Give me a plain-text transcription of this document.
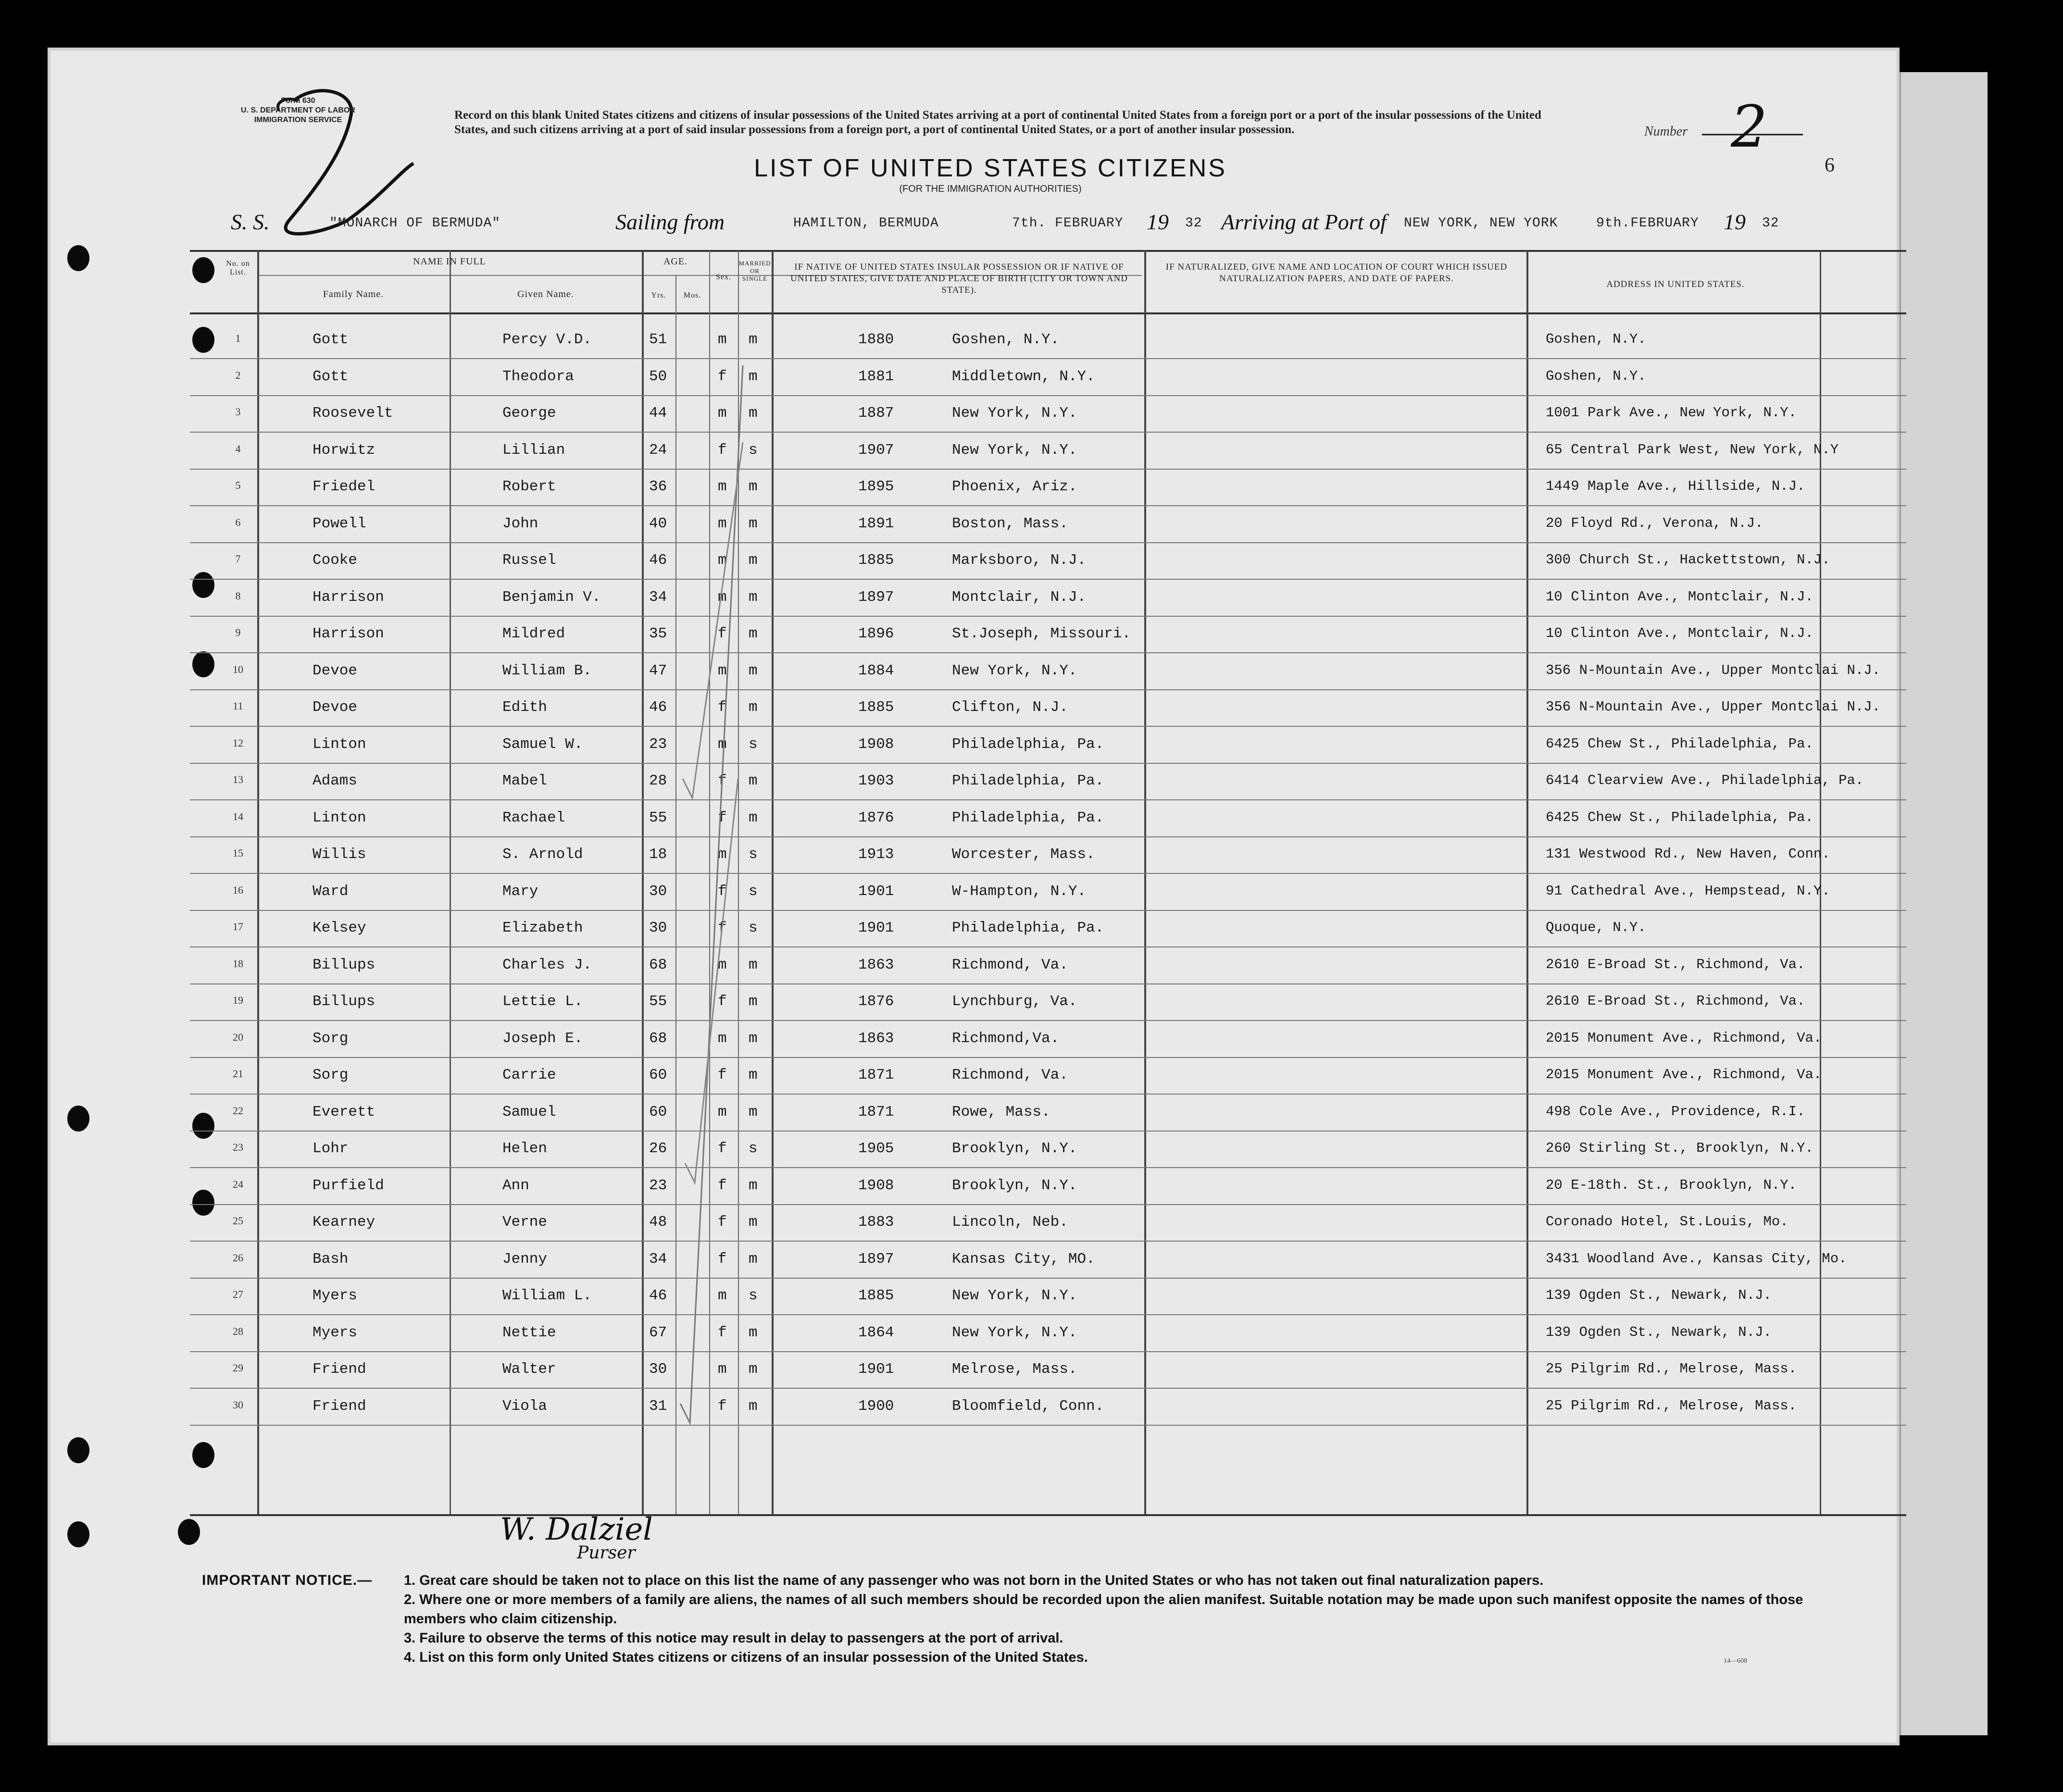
Form 630
U. S. DEPARTMENT OF LABOR
IMMIGRATION SERVICE	Record on this blank United States citizens and citizens of insular possessions of the United States arriving at a port of continental United States from a foreign port or a port of the insular possessions of the United States, and such citizens arriving at a port of said insular possessions from a foreign port, a port of continental United States, or a port of another insular possession.	Number 2
6
LIST OF UNITED STATES CITIZENS
(FOR THE IMMIGRATION AUTHORITIES)
S. S.	"MONARCH OF BERMUDA"	Sailing from	HAMILTON, BERMUDA	7th. FEBRUARY 19 32 Arriving at Port of NEW YORK, NEW YORK	9th.FEBRUARY 19 32
No. on List.
NAME IN FULL
Family Name.	Given Name.
AGE.
Yrs.	Mos.
Sex.
MARRIED OR SINGLE
IF NATIVE OF UNITED STATES INSULAR POSSESSION OR IF NATIVE OF UNITED STATES, GIVE DATE AND PLACE OF BIRTH (CITY OR TOWN AND STATE).
IF NATURALIZED, GIVE NAME AND LOCATION OF COURT WHICH ISSUED NATURALIZATION PAPERS, AND DATE OF PAPERS.
ADDRESS IN UNITED STATES.
1	Gott	Percy V.D.	51	m m	1880	Goshen, N.Y.	Goshen, N.Y.
2	Gott	Theodora	50	f m	1881	Middletown, N.Y.	Goshen, N.Y.
3	Roosevelt	George	44	m m	1887	New York, N.Y.	1001 Park Ave., New York, N.Y.
4	Horwitz	Lillian	24	f s	1907	New York, N.Y.	65 Central Park West, New York, N.Y
5	Friedel	Robert	36	m m	1895	Phoenix, Ariz.	1449 Maple Ave., Hillside, N.J.
6	Powell	John	40	m m	1891	Boston, Mass.	20 Floyd Rd., Verona, N.J.
7	Cooke	Russel	46	m m	1885	Marksboro, N.J.	300 Church St., Hackettstown, N.J.
8	Harrison	Benjamin V.	34	m m	1897	Montclair, N.J.	10 Clinton Ave., Montclair, N.J.
9	Harrison	Mildred	35	f m	1896	St.Joseph, Missouri.	10 Clinton Ave., Montclair, N.J.
10	Devoe	William B.	47	m m	1884	New York, N.Y.	356 N-Mountain Ave., Upper Montclai N.J.
11	Devoe	Edith	46	f m	1885	Clifton, N.J.	356 N-Mountain Ave., Upper Montclai N.J.
12	Linton	Samuel W.	23	m s	1908	Philadelphia, Pa.	6425 Chew St., Philadelphia, Pa.
13	Adams	Mabel	28	f m	1903	Philadelphia, Pa.	6414 Clearview Ave., Philadelphia, Pa.
14	Linton	Rachael	55	f m	1876	Philadelphia, Pa.	6425 Chew St., Philadelphia, Pa.
15	Willis	S. Arnold	18	m s	1913	Worcester, Mass.	131 Westwood Rd., New Haven, Conn.
16	Ward	Mary	30	f s	1901	W-Hampton, N.Y.	91 Cathedral Ave., Hempstead, N.Y.
17	Kelsey	Elizabeth	30	f s	1901	Philadelphia, Pa.	Quoque, N.Y.
18	Billups	Charles J.	68	m m	1863	Richmond, Va.	2610 E-Broad St., Richmond, Va.
19	Billups	Lettie L.	55	f m	1876	Lynchburg, Va.	2610 E-Broad St., Richmond, Va.
20	Sorg	Joseph E.	68	m m	1863	Richmond,Va.	2015 Monument Ave., Richmond, Va.
21	Sorg	Carrie	60	f m	1871	Richmond, Va.	2015 Monument Ave., Richmond, Va.
22	Everett	Samuel	60	m m	1871	Rowe, Mass.	498 Cole Ave., Providence, R.I.
23	Lohr	Helen	26	f s	1905	Brooklyn, N.Y.	260 Stirling St., Brooklyn, N.Y.
24	Purfield	Ann	23	f m	1908	Brooklyn, N.Y.	20 E-18th. St., Brooklyn, N.Y.
25	Kearney	Verne	48	f m	1883	Lincoln, Neb.	Coronado Hotel, St.Louis, Mo.
26	Bash	Jenny	34	f m	1897	Kansas City, MO.	3431 Woodland Ave., Kansas City, Mo.
27	Myers	William L.	46	m s	1885	New York, N.Y.	139 Ogden St., Newark, N.J.
28	Myers	Nettie	67	f m	1864	New York, N.Y.	139 Ogden St., Newark, N.J.
29	Friend	Walter	30	m m	1901	Melrose, Mass.	25 Pilgrim Rd., Melrose, Mass.
30	Friend	Viola	31	f m	1900	Bloomfield, Conn.	25 Pilgrim Rd., Melrose, Mass.
W. Dalziel
Purser
IMPORTANT NOTICE.— 1. Great care should be taken not to place on this list the name of any passenger who was not born in the United States or who has not taken out final naturalization papers.
2. Where one or more members of a family are aliens, the names of all such members should be recorded upon the alien manifest. Suitable notation may be made upon such manifest opposite the names of those members who claim citizenship.
3. Failure to observe the terms of this notice may result in delay to passengers at the port of arrival.
4. List on this form only United States citizens or citizens of an insular possession of the United States.	14—608
